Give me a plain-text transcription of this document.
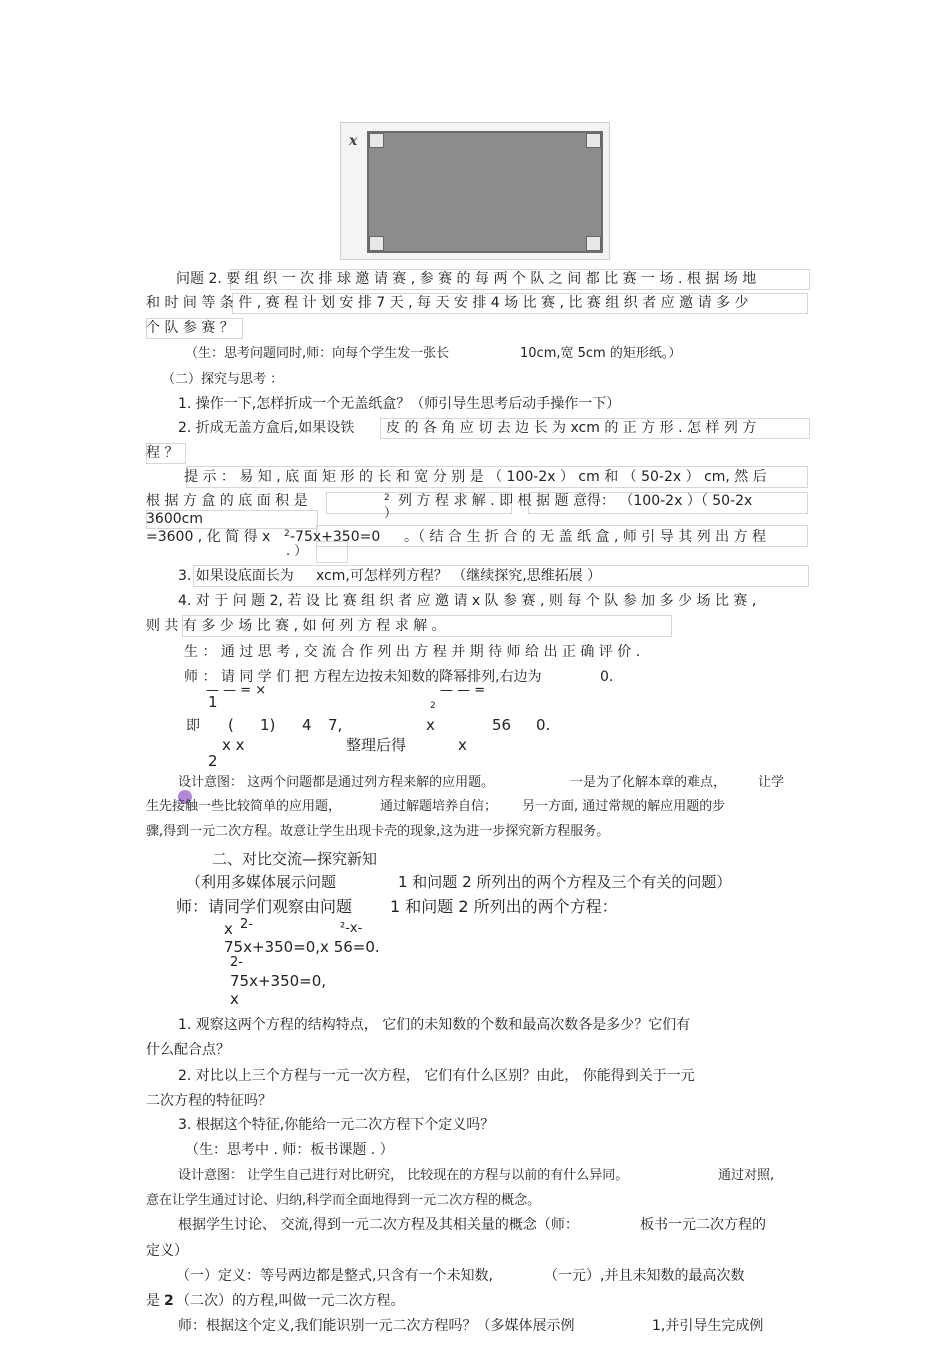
x
问题 2. 要 组 织 一 次 排 球 邀 请 赛 , 参 赛 的 每 两 个 队 之 间 都 比 赛 一 场 . 根 据 场 地
和 时 间 等 条 件 , 赛 程 计 划 安 排 7 天 , 每 天 安 排 4 场 比 赛 , 比 赛 组 织 者 应 邀 请 多 少
个 队 参 赛 ？
（生：思考问题同时,师：向每个学生发一张长	10cm,宽 5cm 的矩形纸。）
（二）探究与思考 ：
1. 操作一下,怎样折成一个无盖纸盒？（师引导生思考后动手操作一下）
2. 折成无盖方盒后,如果设铁 皮 的 各 角 应 切 去 边 长 为 xcm 的 正 方 形 . 怎 样 列 方
程 ？
提 示 ： 易 知 , 底 面 矩 形 的 长 和 宽 分 别 是 （ 100-2x ） cm 和 （ 50-2x ） cm, 然 后
根 据 方 盒 的 底 面 积 是	2 列 方 程 求 解 . 即 根 据 题 意得： （100-2x ）（ 50-2x
3600cm	）
=3600 , 化 简 得 x 2 -75x+350=0 。（ 结 合 生 折 合 的 无 盖 纸 盒 , 师 引 导 其 列 出 方 程
. ）
3. 如果设底面长为 xcm,可怎样列方程？ （继续探究,思维拓展 ）
4. 对 于 问 题 2, 若 设 比 赛 组 织 者 应 邀 请 x 队 参 赛 , 则 每 个 队 参 加 多 少 场 比 赛 ,
则 共 有 多 少 场 比 赛 , 如 何 列 方 程 求 解 。
生 ： 通 过 思 考 , 交 流 合 作 列 出 方 程 并 期 待 师 给 出 正 确 评 价 .
师 ： 请 同 学 们 把 方程左边按未知数的降幂排列,右边为	0.
— — = ×
1
即 ( 1) 4 7,
2
— — =
x	56 0.
x x	整理后得	x
2
设计意图： 这两个问题都是通过列方程来解的应用题。	一是为了化解本章的难点， 让学
生先接触一些比较简单的应用题，	通过解题培养自信； 另一方面, 通过常规的解应用题的步
骤,得到一元二次方程。故意让学生出现卡壳的现象,这为进一步探究新方程服务。
二、对比交流—探究新知
（利用多媒体展示问题	1 和问题 2 所列出的两个方程及三个有关的问题）
师：请同学们观察由问题 1 和问题 2 所列出的两个方程：
x 2-	²-x-
75x+350=0,x 56=0.
2-
75x+350=0,
x
1. 观察这两个方程的结构特点， 它们的未知数的个数和最高次数各是多少？它们有
什么配合点？
2. 对比以上三个方程与一元一次方程， 它们有什么区别？由此， 你能得到关于一元
二次方程的特征吗？
3. 根据这个特征,你能给一元二次方程下个定义吗？
（生：思考中 . 师：板书课题 . ）
设计意图： 让学生自己进行对比研究， 比较现在的方程与以前的有什么异同。	通过对照,
意在让学生通过讨论、归纳,科学而全面地得到一元二次方程的概念。
根据学生讨论、 交流,得到一元二次方程及其相关量的概念（师：	板书一元二次方程的
定义）
（一）定义：等号两边都是整式,只含有一个未知数,	（一元）,并且未知数的最高次数
是 2 （二次）的方程,叫做一元二次方程。
师：根据这个定义,我们能识别一元二次方程吗？（多媒体展示例	1,并引导生完成例
